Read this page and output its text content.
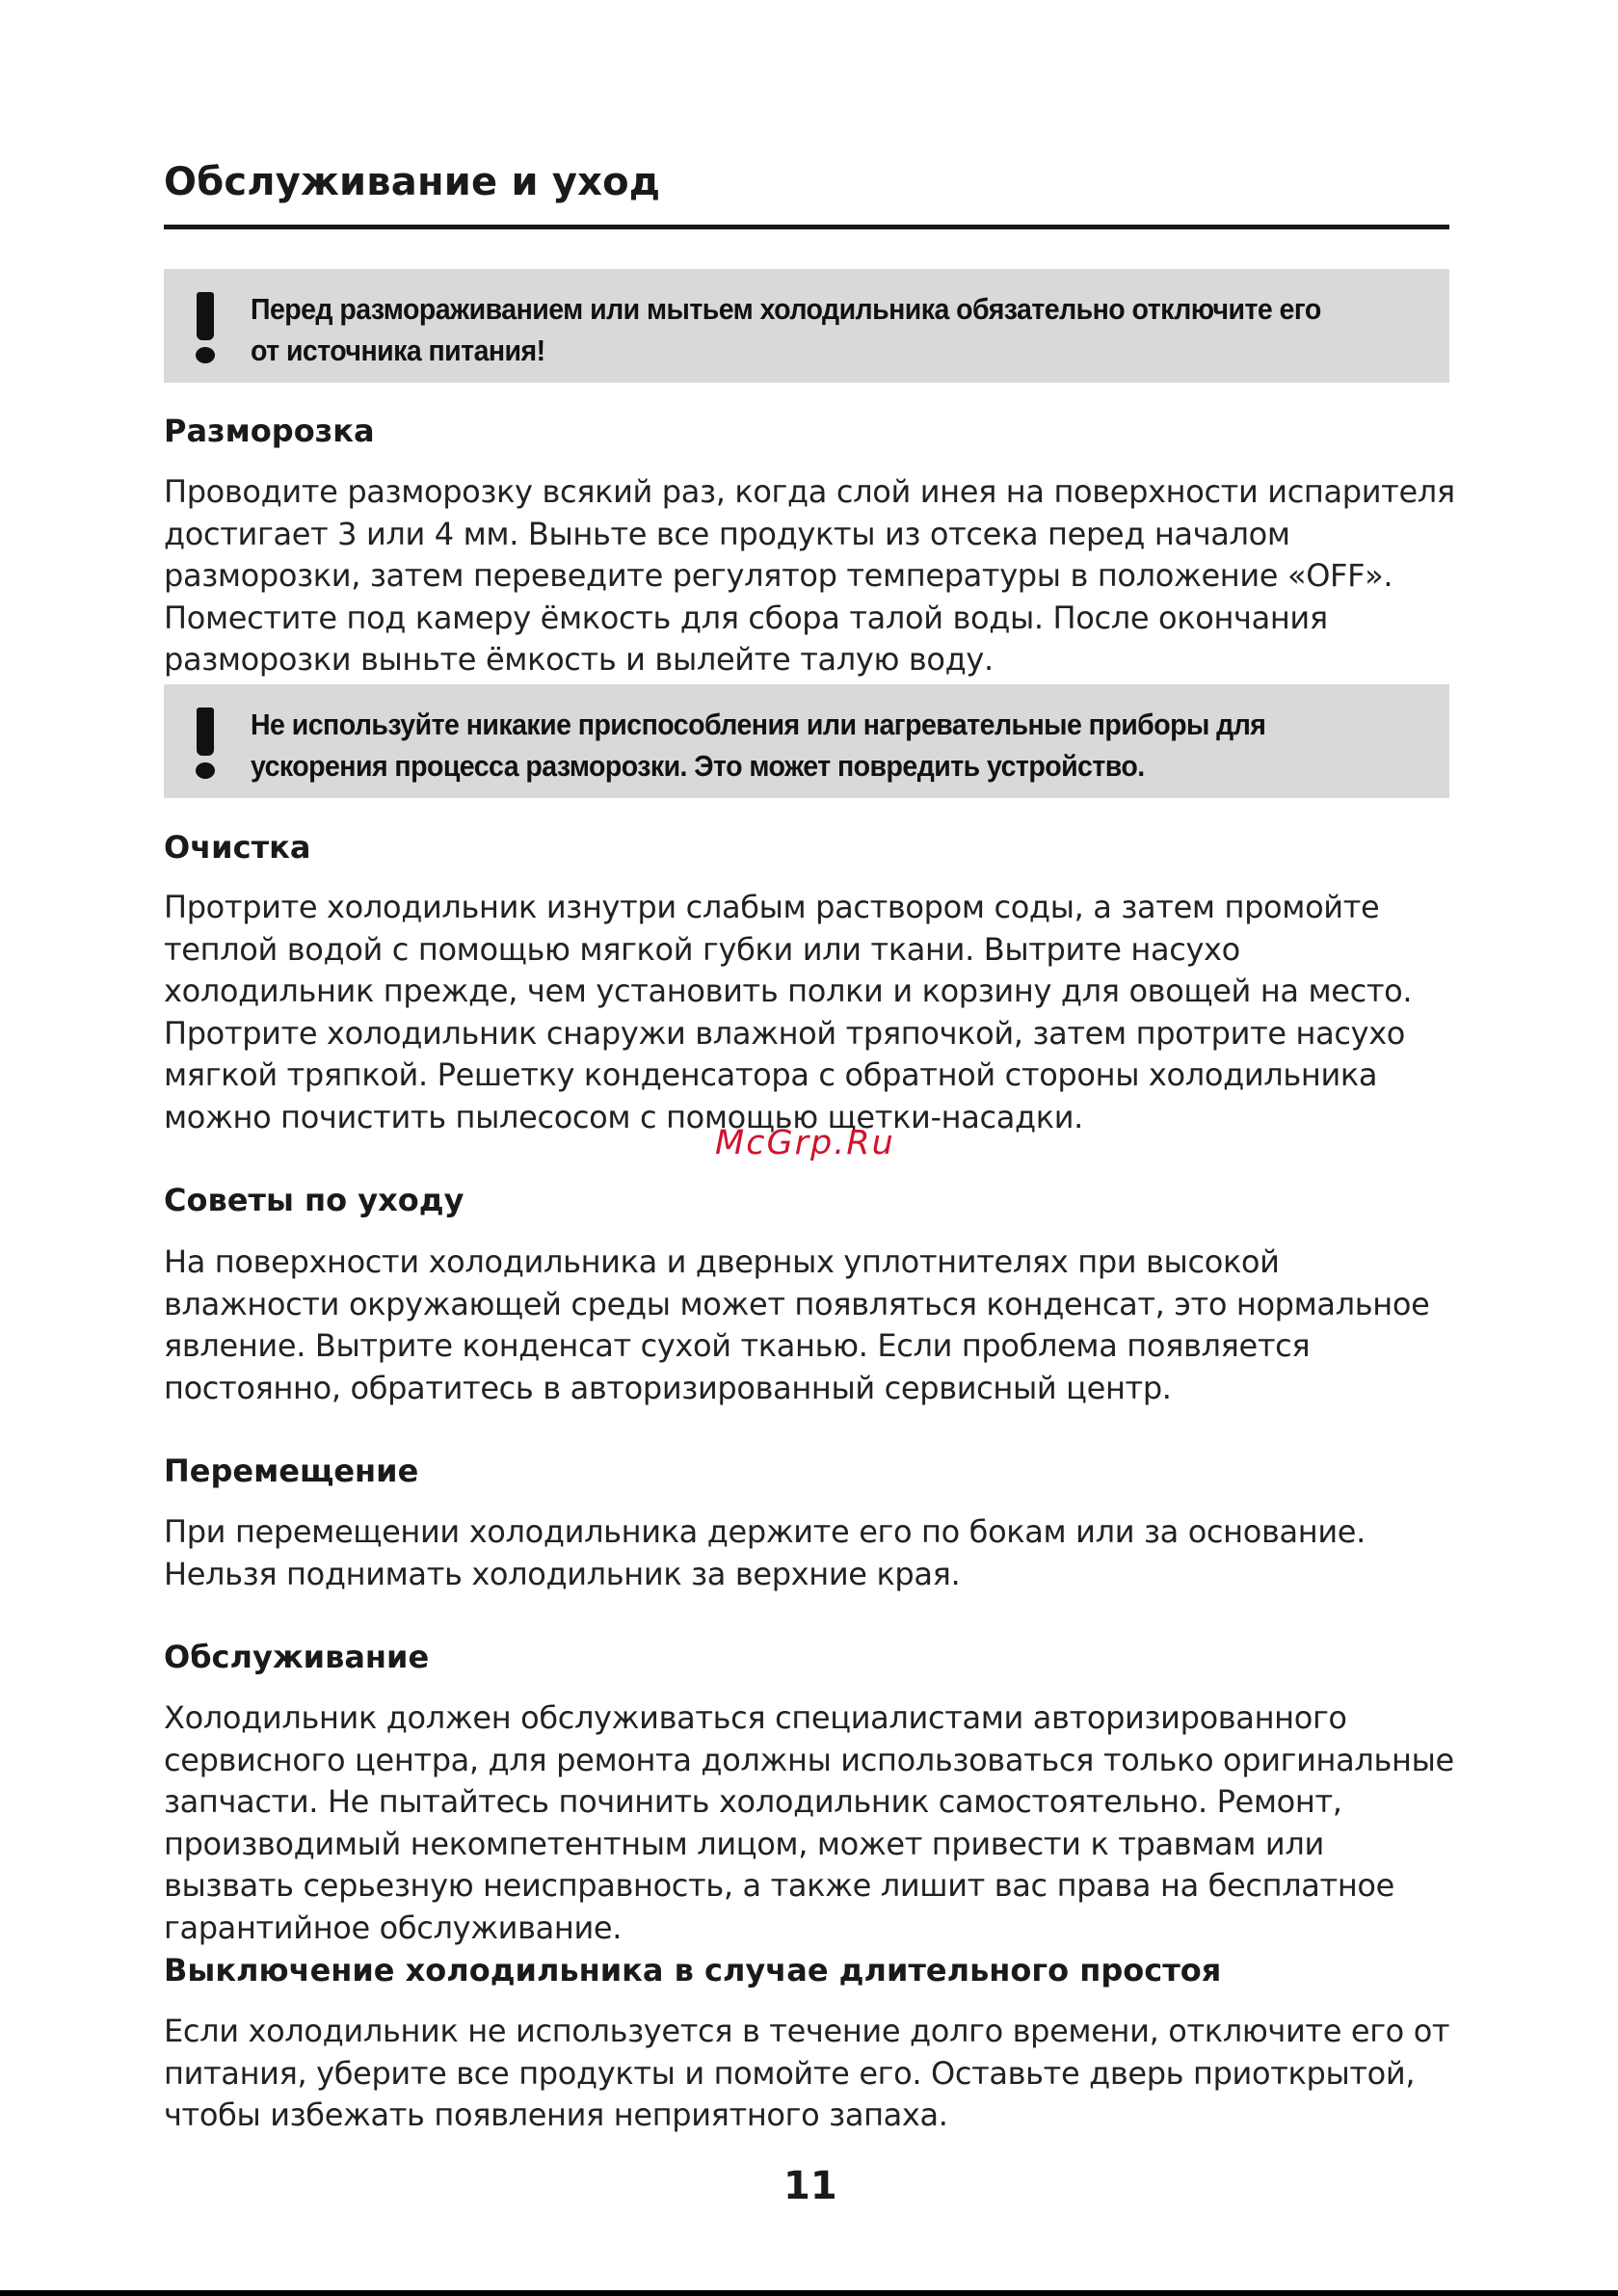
Обслуживание и уход
Перед размораживанием или мытьем холодильника обязательно отключите его от источника питания!
Разморозка

Проводите разморозку всякий раз, когда слой инея на поверхности испарителя достигает 3 или 4 мм. Выньте все продукты из отсека перед началом разморозки, затем переведите регулятор температуры в положение «OFF». Поместите под камеру ёмкость для сбора талой воды. После окончания разморозки выньте ёмкость и вылейте талую воду.

Не используйте никакие приспособления или нагревательные приборы для ускорения процесса разморозки. Это может повредить устройство.
Очистка

Протрите холодильник изнутри слабым раствором соды, а затем промойте теплой водой с помощью мягкой губки или ткани. Вытрите насухо холодильник прежде, чем установить полки и корзину для овощей на место. Протрите холодильник снаружи влажной тряпочкой, затем протрите насухо мягкой тряпкой. Решетку конденсатора с обратной стороны холодильника можно почистить пылесосом с помощью щетки-насадки.

Советы по уходу

На поверхности холодильника и дверных уплотнителях при высокой влажности окружающей среды может появляться конденсат, это нормальное явление. Вытрите конденсат сухой тканью. Если проблема появляется постоянно, обратитесь в авторизированный сервисный центр.

Перемещение

При перемещении холодильника держите его по бокам или за основание. Нельзя поднимать холодильник за верхние края.

Обслуживание

Холодильник должен обслуживаться специалистами авторизированного сервисного центра, для ремонта должны использоваться только оригинальные запчасти. Не пытайтесь починить холодильник самостоятельно. Ремонт, производимый некомпетентным лицом, может привести к травмам или вызвать серьезную неисправность, а также лишит вас права на бесплатное гарантийное обслуживание.

Выключение холодильника в случае длительного простоя

Если холодильник не используется в течение долго времени, отключите его от питания, уберите все продукты и помойте его. Оставьте дверь приоткрытой, чтобы избежать появления неприятного запаха.

McGrp.Ru
11
